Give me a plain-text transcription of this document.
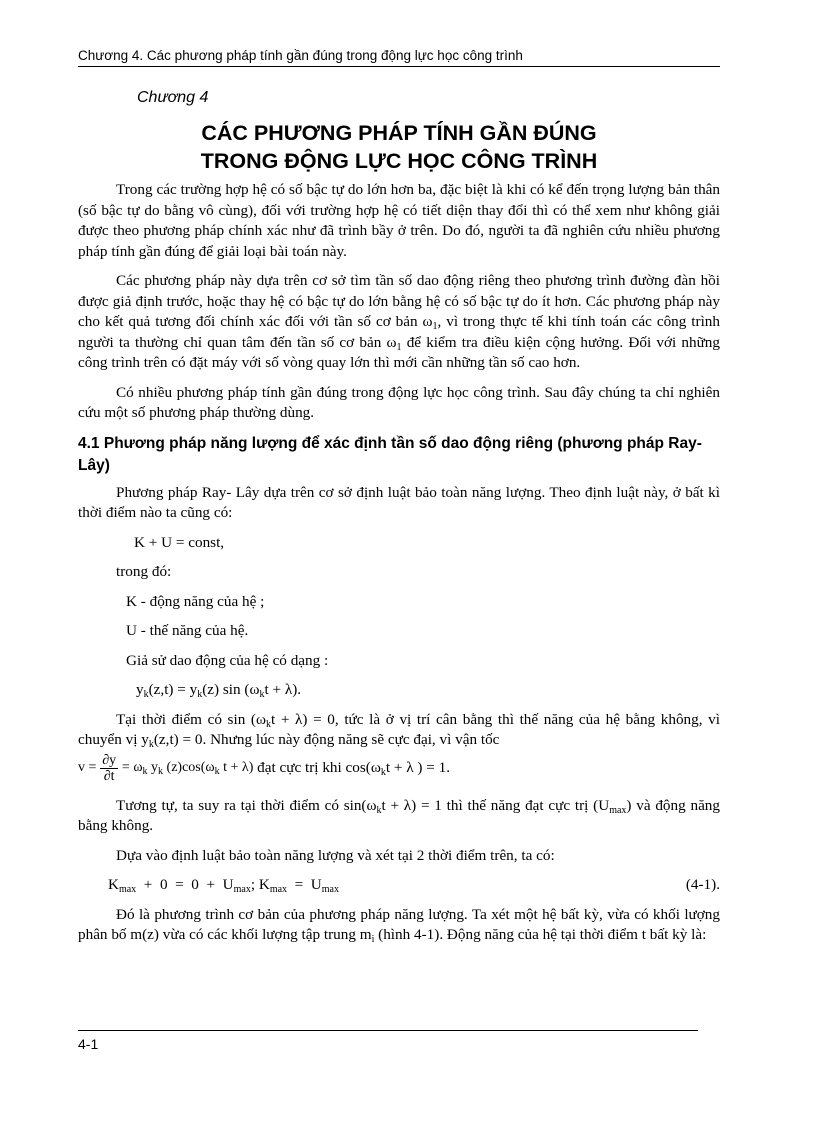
Chương 4. Các phương pháp tính gần đúng trong động lực học công trình
Chương 4
CÁC PHƯƠNG PHÁP TÍNH GẦN ĐÚNG
TRONG ĐỘNG LỰC HỌC CÔNG TRÌNH

Trong các trường hợp hệ có số bậc tự do lớn hơn ba, đặc biệt là khi có kể đến trọng lượng bản thân (số bậc tự do bằng vô cùng), đối với trường hợp hệ có tiết diện thay đổi thì có thể xem như không giải được theo phương pháp chính xác như đã trình bầy ở trên. Do đó, người ta đã nghiên cứu nhiều phương pháp tính gần đúng để giải loại bài toán này.

Các phương pháp này dựa trên cơ sở tìm tần số dao động riêng theo phương trình đường đàn hồi được giả định trước, hoặc thay hệ có bậc tự do lớn bằng hệ có số bậc tự do ít hơn. Các phương pháp này cho kết quả tương đối chính xác đối với tần số cơ bản $\omega_1$, vì trong thực tế khi tính toán các công trình người ta thường chỉ quan tâm đến tần số cơ bản $\omega_1$ để kiểm tra điều kiện cộng hưởng. Đối với những công trình trên có đặt máy với số vòng quay lớn thì mới cần những tần số cao hơn.

Có nhiều phương pháp tính gần đúng trong động lực học công trình. Sau đây chúng ta chỉ nghiên cứu một số phương pháp thường dùng.

4.1 Phương pháp năng lượng để xác định tần số dao động riêng (phương pháp Ray-Lây)

Phương pháp Ray- Lây dựa trên cơ sở định luật bảo toàn năng lượng. Theo định luật này, ở bất kì thời điểm nào ta cũng có:

K + U = const,
trong đó:
K - động năng của hệ ;
U - thế năng của hệ.
Giả sử dao động của hệ có dạng :
$y_k(z,t) = y_k(z)$ $\sin (\omega_kt + \lambda)$.

Tại thời điểm có $\sin (\omega_kt + \lambda) = 0$, tức là ở vị trí cân bằng thì thế năng của hệ bằng không, vì chuyển vị $y_k(z,t) = 0$. Nhưng lúc này động năng sẽ cực đại, vì vận tốc

$v = \frac{\partial y}{\partial t} = \omega_k$ $y_k$ $(z)\cos(\omega_k$ t + λ) đạt cực trị khi $\cos(\omega_kt + \lambda$ ) = 1.

Tương tự, ta suy ra tại thời điểm có $\sin(\omega_kt + \lambda) = 1$ thì thế năng đạt cực trị $(U_{max})$ và động năng bằng không.

Dựa vào định luật bảo toàn năng lượng và xét tại 2 thời điểm trên, ta có:

$K_{max} + 0 = 0 + U_{max}$; $K_{max} = U_{max}$	(4-1).

Đó là phương trình cơ bản của phương pháp năng lượng. Ta xét một hệ bất kỳ, vừa có khối lượng phân bố m(z) vừa có các khối lượng tập trung $m_i$ (hình 4-1). Động năng của hệ tại thời điểm t bất kỳ là:

4-1
